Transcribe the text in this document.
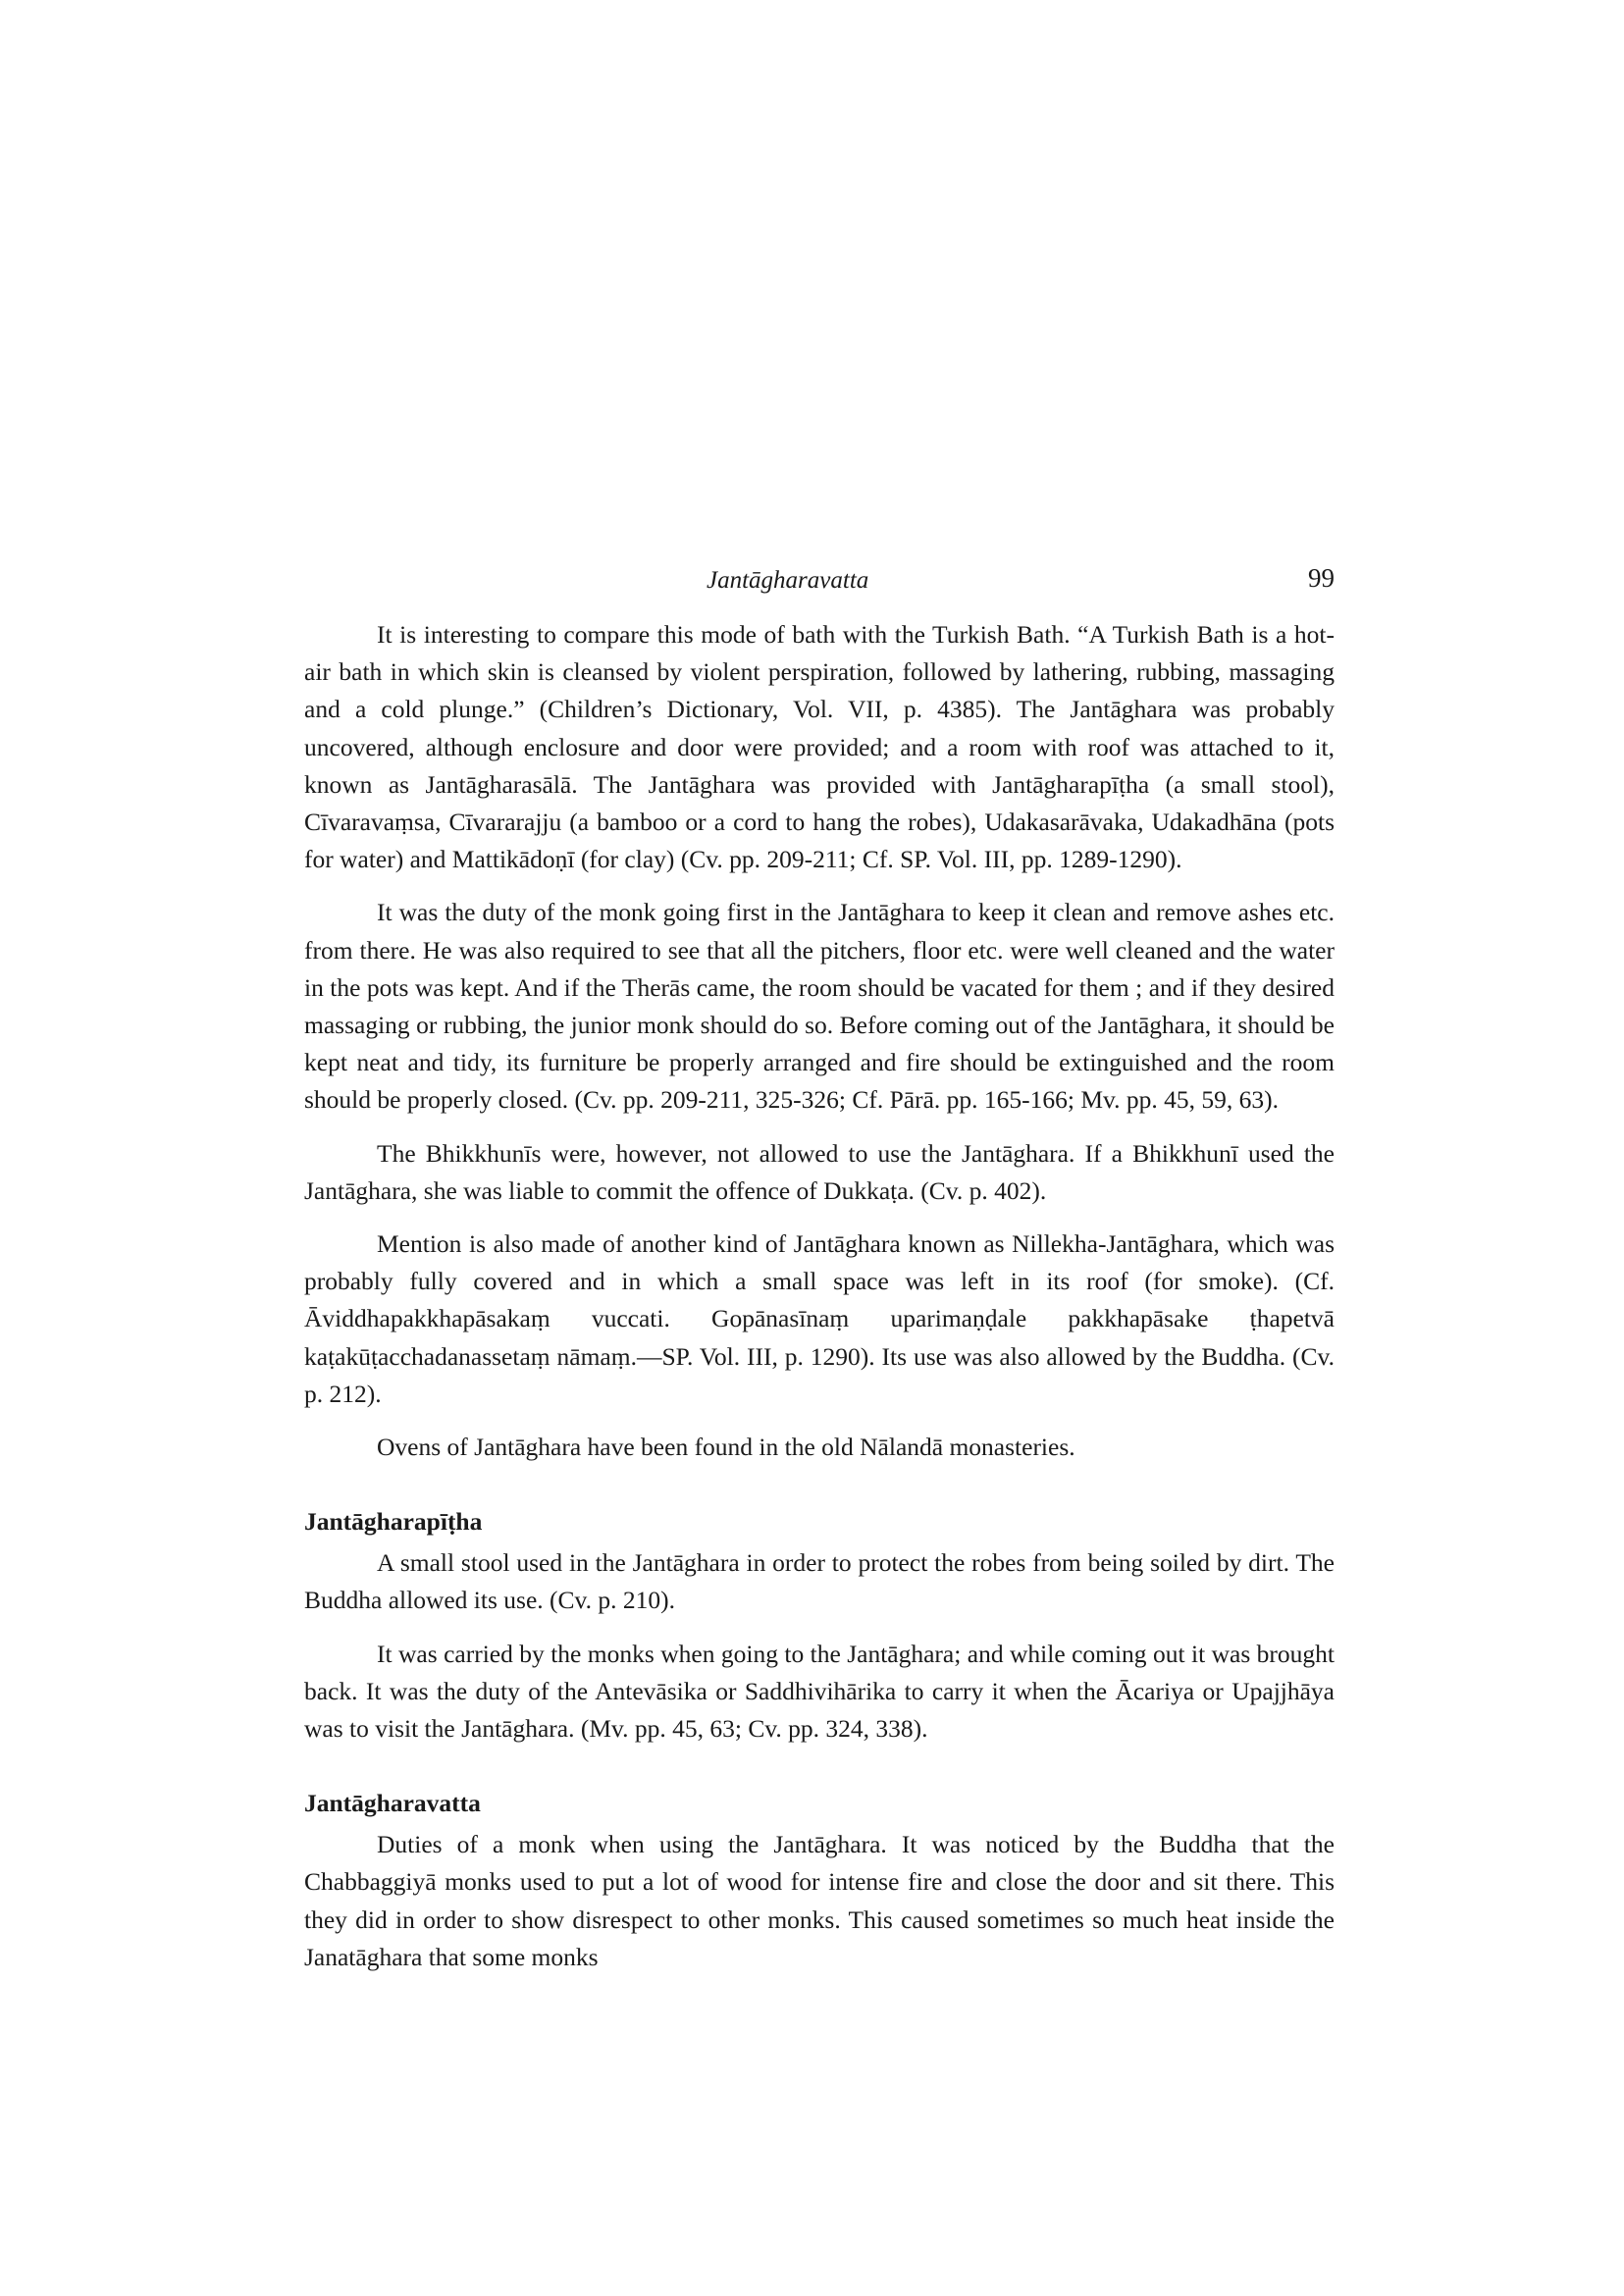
Jantāgharavatta	99

It is interesting to compare this mode of bath with the Turkish Bath. “A Turkish Bath is a hot-air bath in which skin is cleansed by violent perspiration, followed by lathering, rubbing, massaging and a cold plunge.” (Children’s Dictionary, Vol. VII, p. 4385). The Jantāghara was probably uncovered, although enclosure and door were provided; and a room with roof was attached to it, known as Jantāgharasālā. The Jantāghara was provided with Jantāgharapīṭha (a small stool), Cīvaravaṃsa, Cīvararajju (a bamboo or a cord to hang the robes), Udakasarāvaka, Udakadhāna (pots for water) and Mattikādoṇī (for clay) (Cv. pp. 209-211; Cf. SP. Vol. III, pp. 1289-1290).

It was the duty of the monk going first in the Jantāghara to keep it clean and remove ashes etc. from there. He was also required to see that all the pitchers, floor etc. were well cleaned and the water in the pots was kept. And if the Therās came, the room should be vacated for them ; and if they desired massaging or rubbing, the junior monk should do so. Before coming out of the Jantāghara, it should be kept neat and tidy, its furniture be properly arranged and fire should be extinguished and the room should be properly closed. (Cv. pp. 209-211, 325-326; Cf. Pārā. pp. 165-166; Mv. pp. 45, 59, 63).

The Bhikkhunīs were, however, not allowed to use the Jantāghara. If a Bhikkhunī used the Jantāghara, she was liable to commit the offence of Dukkaṭa. (Cv. p. 402).

Mention is also made of another kind of Jantāghara known as Nillekha-Jantāghara, which was probably fully covered and in which a small space was left in its roof (for smoke). (Cf. Āviddhapakkhapāsakaṃ vuccati. Gopānasīnaṃ uparimaṇḍale pakkhapāsake ṭhapetvā kaṭakūṭacchadanassetaṃ nāmaṃ.—SP. Vol. III, p. 1290). Its use was also allowed by the Buddha. (Cv. p. 212).

Ovens of Jantāghara have been found in the old Nālandā monasteries.

Jantāgharapīṭha

A small stool used in the Jantāghara in order to protect the robes from being soiled by dirt. The Buddha allowed its use. (Cv. p. 210).

It was carried by the monks when going to the Jantāghara; and while coming out it was brought back. It was the duty of the Antevāsika or Saddhivihārika to carry it when the Ācariya or Upajjhāya was to visit the Jantāghara. (Mv. pp. 45, 63; Cv. pp. 324, 338).

Jantāgharavatta

Duties of a monk when using the Jantāghara. It was noticed by the Buddha that the Chabbaggiyā monks used to put a lot of wood for intense fire and close the door and sit there. This they did in order to show disrespect to other monks. This caused sometimes so much heat inside the Janatāghara that some monks
